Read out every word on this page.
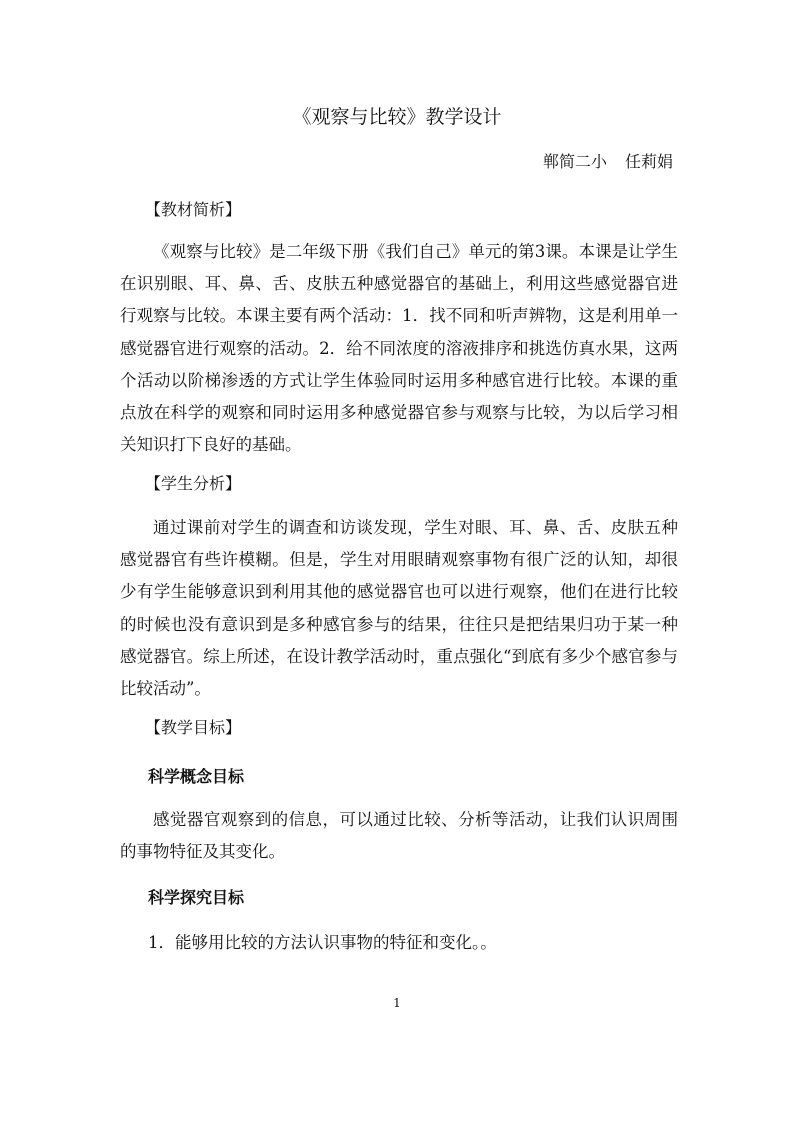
《观察与比较》教学设计
郸简二小 任莉娟
【教材简析】

《观察与比较》是二年级下册《我们自己》单元的第3课。本课是让学生在识别眼、耳、鼻、舌、皮肤五种感觉器官的基础上，利用这些感觉器官进行观察与比较。本课主要有两个活动：1．找不同和听声辨物，这是利用单一感觉器官进行观察的活动。2．给不同浓度的溶液排序和挑选仿真水果，这两个活动以阶梯渗透的方式让学生体验同时运用多种感官进行比较。本课的重点放在科学的观察和同时运用多种感觉器官参与观察与比较，为以后学习相关知识打下良好的基础。

【学生分析】

通过课前对学生的调查和访谈发现，学生对眼、耳、鼻、舌、皮肤五种感觉器官有些许模糊。但是，学生对用眼睛观察事物有很广泛的认知，却很少有学生能够意识到利用其他的感觉器官也可以进行观察，他们在进行比较的时候也没有意识到是多种感官参与的结果，往往只是把结果归功于某一种感觉器官。综上所述，在设计教学活动时，重点强化“到底有多少个感官参与比较活动”。

【教学目标】
科学概念目标

感觉器官观察到的信息，可以通过比较、分析等活动，让我们认识周围的事物特征及其变化。

科学探究目标
1．能够用比较的方法认识事物的特征和变化。。
1
